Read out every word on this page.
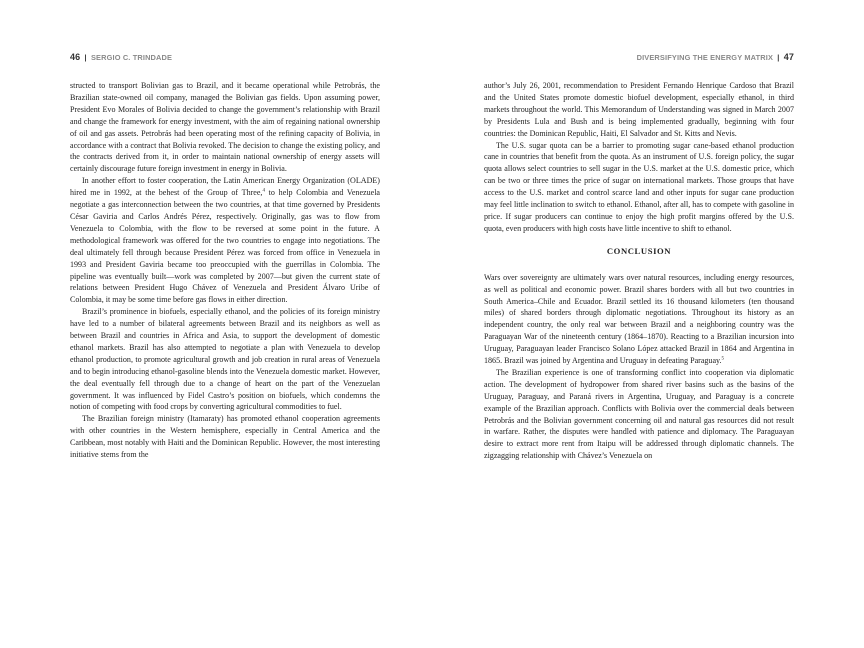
46 | SERGIO C. TRINDADE

structed to transport Bolivian gas to Brazil, and it became operational while Petrobrás, the Brazilian state-owned oil company, managed the Bolivian gas fields. Upon assuming power, President Evo Morales of Bolivia decided to change the government’s relationship with Brazil and change the framework for energy investment, with the aim of regaining national ownership of oil and gas assets. Petrobrás had been operating most of the refining capacity of Bolivia, in accordance with a contract that Bolivia revoked. The decision to change the existing policy, and the contracts derived from it, in order to maintain national ownership of energy assets will certainly discourage future foreign investment in energy in Bolivia.

In another effort to foster cooperation, the Latin American Energy Organization (OLADE) hired me in 1992, at the behest of the Group of Three,$^4$ to help Colombia and Venezuela negotiate a gas interconnection between the two countries, at that time governed by Presidents César Gaviria and Carlos Andrés Pérez, respectively. Originally, gas was to flow from Venezuela to Colombia, with the flow to be reversed at some point in the future. A methodological framework was offered for the two countries to engage into negotiations. The deal ultimately fell through because President Pérez was forced from office in Venezuela in 1993 and President Gaviria became too preoccupied with the guerrillas in Colombia. The pipeline was eventually built—work was completed by 2007—but given the current state of relations between President Hugo Chávez of Venezuela and President Álvaro Uribe of Colombia, it may be some time before gas flows in either direction.

Brazil’s prominence in biofuels, especially ethanol, and the policies of its foreign ministry have led to a number of bilateral agreements between Brazil and its neighbors as well as between Brazil and countries in Africa and Asia, to support the development of domestic ethanol markets. Brazil has also attempted to negotiate a plan with Venezuela to develop ethanol production, to promote agricultural growth and job creation in rural areas of Venezuela and to begin introducing ethanol-gasoline blends into the Venezuela domestic market. However, the deal eventually fell through due to a change of heart on the part of the Venezuelan government. It was influenced by Fidel Castro’s position on biofuels, which condemns the notion of competing with food crops by converting agricultural commodities to fuel.

The Brazilian foreign ministry (Itamaraty) has promoted ethanol cooperation agreements with other countries in the Western hemisphere, especially in Central America and the Caribbean, most notably with Haiti and the Dominican Republic. However, the most interesting initiative stems from the

DIVERSIFYING THE ENERGY MATRIX | 47

author’s July 26, 2001, recommendation to President Fernando Henrique Cardoso that Brazil and the United States promote domestic biofuel development, especially ethanol, in third markets throughout the world. This Memorandum of Understanding was signed in March 2007 by Presidents Lula and Bush and is being implemented gradually, beginning with four countries: the Dominican Republic, Haiti, El Salvador and St. Kitts and Nevis.

The U.S. sugar quota can be a barrier to promoting sugar cane-based ethanol production cane in countries that benefit from the quota. As an instrument of U.S. foreign policy, the sugar quota allows select countries to sell sugar in the U.S. market at the U.S. domestic price, which can be two or three times the price of sugar on international markets. Those groups that have access to the U.S. market and control scarce land and other inputs for sugar cane production may feel little inclination to switch to ethanol. Ethanol, after all, has to compete with gasoline in price. If sugar producers can continue to enjoy the high profit margins offered by the U.S. quota, even producers with high costs have little incentive to shift to ethanol.

CONCLUSION

Wars over sovereignty are ultimately wars over natural resources, including energy resources, as well as political and economic power. Brazil shares borders with all but two countries in South America–Chile and Ecuador. Brazil settled its 16 thousand kilometers (ten thousand miles) of shared borders through diplomatic negotiations. Throughout its history as an independent country, the only real war between Brazil and a neighboring country was the Paraguayan War of the nineteenth century (1864–1870). Reacting to a Brazilian incursion into Uruguay, Paraguayan leader Francisco Solano López attacked Brazil in 1864 and Argentina in 1865. Brazil was joined by Argentina and Uruguay in defeating Paraguay.$^5$

The Brazilian experience is one of transforming conflict into cooperation via diplomatic action. The development of hydropower from shared river basins such as the basins of the Uruguay, Paraguay, and Paraná rivers in Argentina, Uruguay, and Paraguay is a concrete example of the Brazilian approach. Conflicts with Bolivia over the commercial deals between Petrobrás and the Bolivian government concerning oil and natural gas resources did not result in warfare. Rather, the disputes were handled with patience and diplomacy. The Paraguayan desire to extract more rent from Itaipu will be addressed through diplomatic channels. The zigzagging relationship with Chávez’s Venezuela on
